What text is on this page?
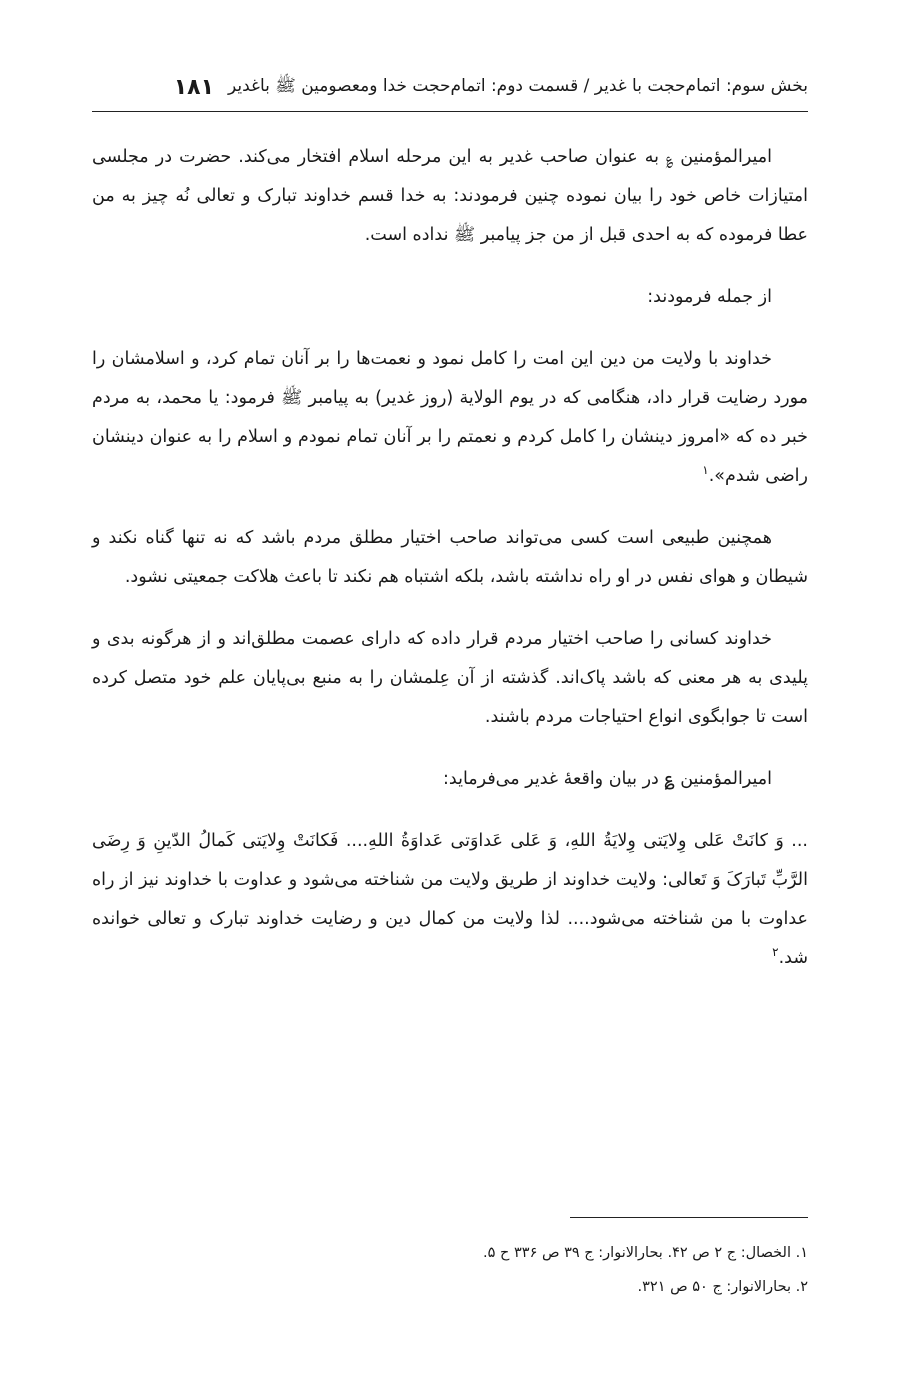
بخش سوم: اتمام‌حجت با غدیر / قسمت دوم: اتمام‌حجت خدا ومعصومین ﷺ باغدیر
۱۸۱

امیرالمؤمنین ؏ به عنوان صاحب غدیر به این مرحله اسلام افتخار می‌کند. حضرت در مجلسی امتیازات خاص خود را بیان نموده چنین فرمودند: به خدا قسم خداوند تبارک و تعالی نُه چیز به من عطا فرموده که به احدی قبل از من جز پیامبر ﷺ نداده است.

از جمله فرمودند:

خداوند با ولایت من دین این امت را کامل نمود و نعمت‌ها را بر آنان تمام کرد، و اسلامشان را مورد رضایت قرار داد، هنگامی که در یوم الولایة (روز غدیر) به پیامبر ﷺ فرمود: یا محمد، به مردم خبر ده که «امروز دینشان را کامل کردم و نعمتم را بر آنان تمام نمودم و اسلام را به عنوان دینشان راضی شدم».$^۱$

همچنین طبیعی است کسی می‌تواند صاحب اختیار مطلق مردم باشد که نه تنها گناه نکند و شیطان و هوای نفس در او راه نداشته باشد، بلکه اشتباه هم نکند تا باعث هلاکت جمعیتی نشود.

خداوند کسانی را صاحب اختیار مردم قرار داده که دارای عصمت مطلق‌اند و از هرگونه بدی و پلیدی به هر معنی که باشد پاک‌اند. گذشته از آن عِلمشان را به منبع بی‌پایان علم خود متصل کرده است تا جوابگوی انواع احتیاجات مردم باشند.

امیرالمؤمنین ؏ در بیان واقعهٔ غدیر می‌فرماید:

... وَ کانَتْ عَلی وِلایَتی وِلایَةُ اللهِ، وَ عَلی عَداوَتی عَداوَةُ اللهِ.... فَکانَتْ وِلایَتی کَمالُ الدّینِ وَ رِضَی الرَّبِّ تَبارَکَ وَ تَعالی: ولایت خداوند از طریق ولایت من شناخته می‌شود و عداوت با خداوند نیز از راه عداوت با من شناخته می‌شود.... لذا ولایت من کمال دین و رضایت خداوند تبارک و تعالی خوانده شد.$^۲$

۱. الخصال: ج ۲ ص ۴۲. بحارالانوار: ج ۳۹ ص ۳۳۶ ح ۵.

۲. بحارالانوار: ج ۵۰ ص ۳۲۱.
